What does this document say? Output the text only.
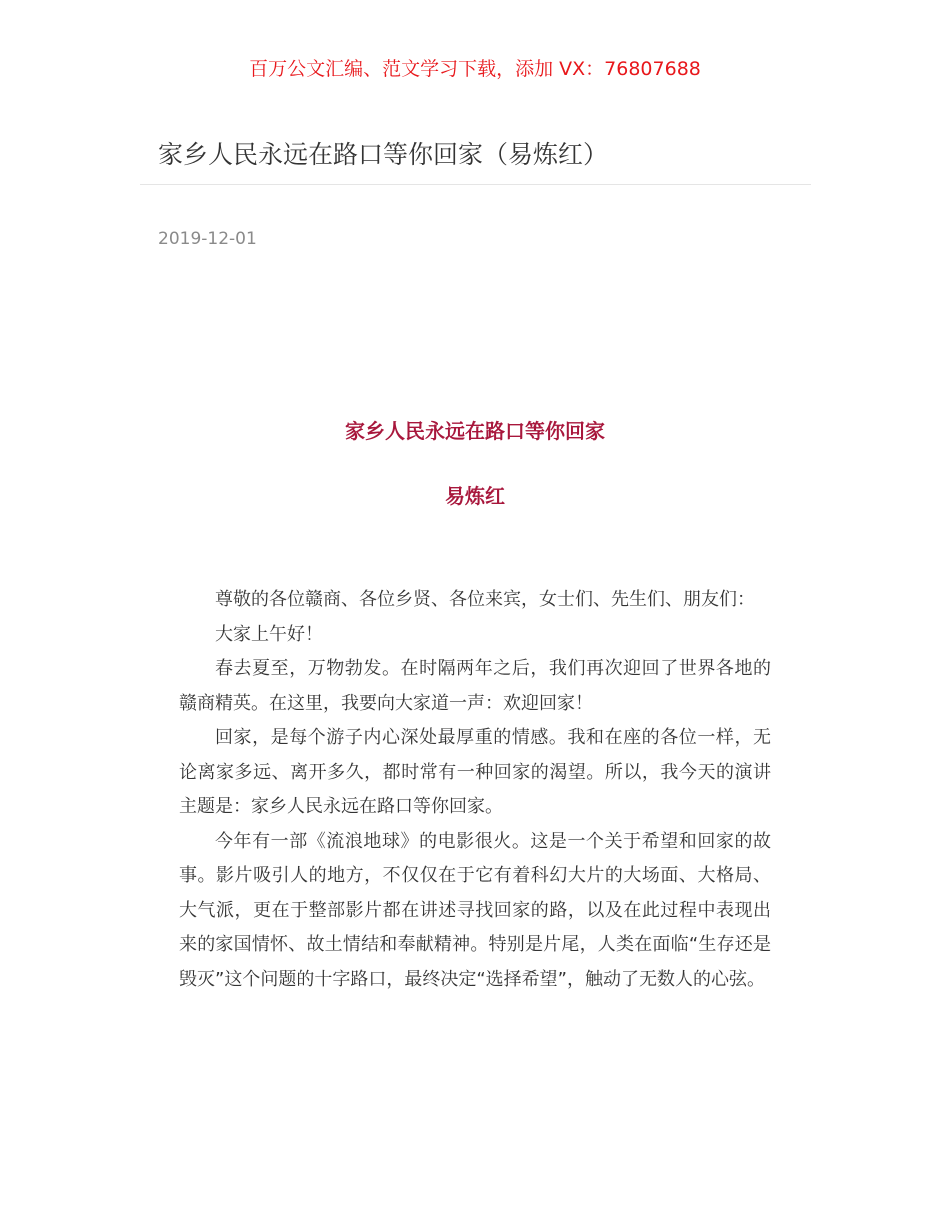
百万公文汇编、范文学习下载，添加 VX：76807688
家乡人民永远在路口等你回家（易炼红）
2019-12-01
家乡人民永远在路口等你回家
易炼红

尊敬的各位赣商、各位乡贤、各位来宾，女士们、先生们、朋友们：

大家上午好！

春去夏至，万物勃发。在时隔两年之后，我们再次迎回了世界各地的赣商精英。在这里，我要向大家道一声：欢迎回家！

回家，是每个游子内心深处最厚重的情感。我和在座的各位一样，无论离家多远、离开多久，都时常有一种回家的渴望。所以，我今天的演讲主题是：家乡人民永远在路口等你回家。

今年有一部《流浪地球》的电影很火。这是一个关于希望和回家的故事。影片吸引人的地方，不仅仅在于它有着科幻大片的大场面、大格局、大气派，更在于整部影片都在讲述寻找回家的路，以及在此过程中表现出来的家国情怀、故土情结和奉献精神。特别是片尾，人类在面临“生存还是毁灭”这个问题的十字路口，最终决定“选择希望”，触动了无数人的心弦。
